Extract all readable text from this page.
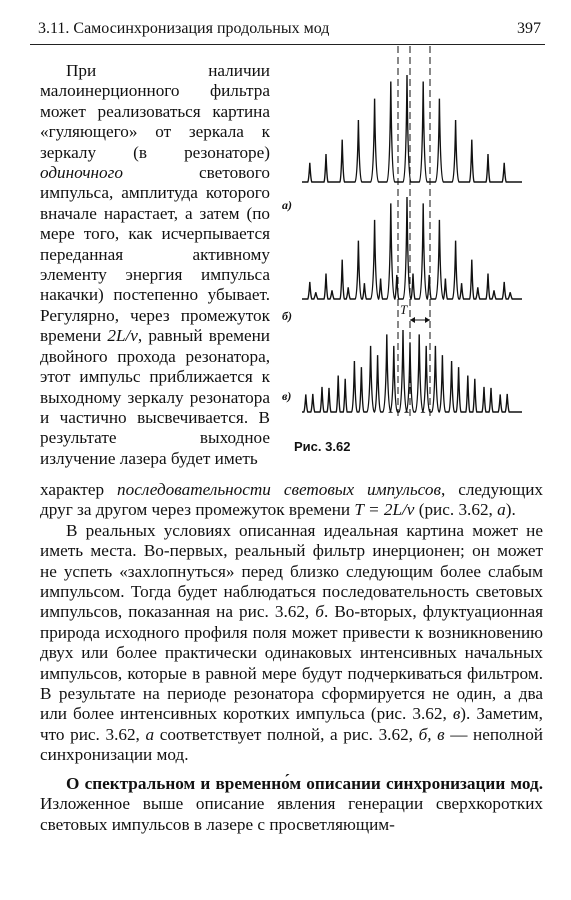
3.11. Самосинхронизация продольных мод	397

При наличии малоинерционного фильтра может реализоваться картина «гуляющего» от зеркала к зеркалу (в резонаторе) одиночного светового импульса, амплитуда которого вначале нарастает, а затем (по мере того, как исчерпывается переданная активному элементу энергия импульса накачки) постепенно убывает. Регулярно, через промежуток времени 2L/v, равный времени двойного прохода резонатора, этот импульс приближается к выходному зеркалу резонатора и частично высвечивается. В результате выходное излучение лазера будет иметь

а)
б)
в)
T
Рис. 3.62

характер последовательности световых импульсов, следующих друг за другом через промежуток времени T = 2L/v (рис. 3.62, а).

В реальных условиях описанная идеальная картина может не иметь места. Во-первых, реальный фильтр инерционен; он может не успеть «захлопнуться» перед близко следующим более слабым импульсом. Тогда будет наблюдаться последовательность световых импульсов, показанная на рис. 3.62, б. Во-вторых, флуктуационная природа исходного профиля поля может привести к возникновению двух или более практически одинаковых интенсивных начальных импульсов, которые в равной мере будут подчеркиваться фильтром. В результате на периоде резонатора сформируется не один, а два или более интенсивных коротких импульса (рис. 3.62, в). Заметим, что рис. 3.62, а соответствует полной, а рис. 3.62, б, в — неполной синхронизации мод.

О спектральном и временно́м описании синхронизации мод. Изложенное выше описание явления генерации сверхкоротких световых импульсов в лазере с просветляющим-
